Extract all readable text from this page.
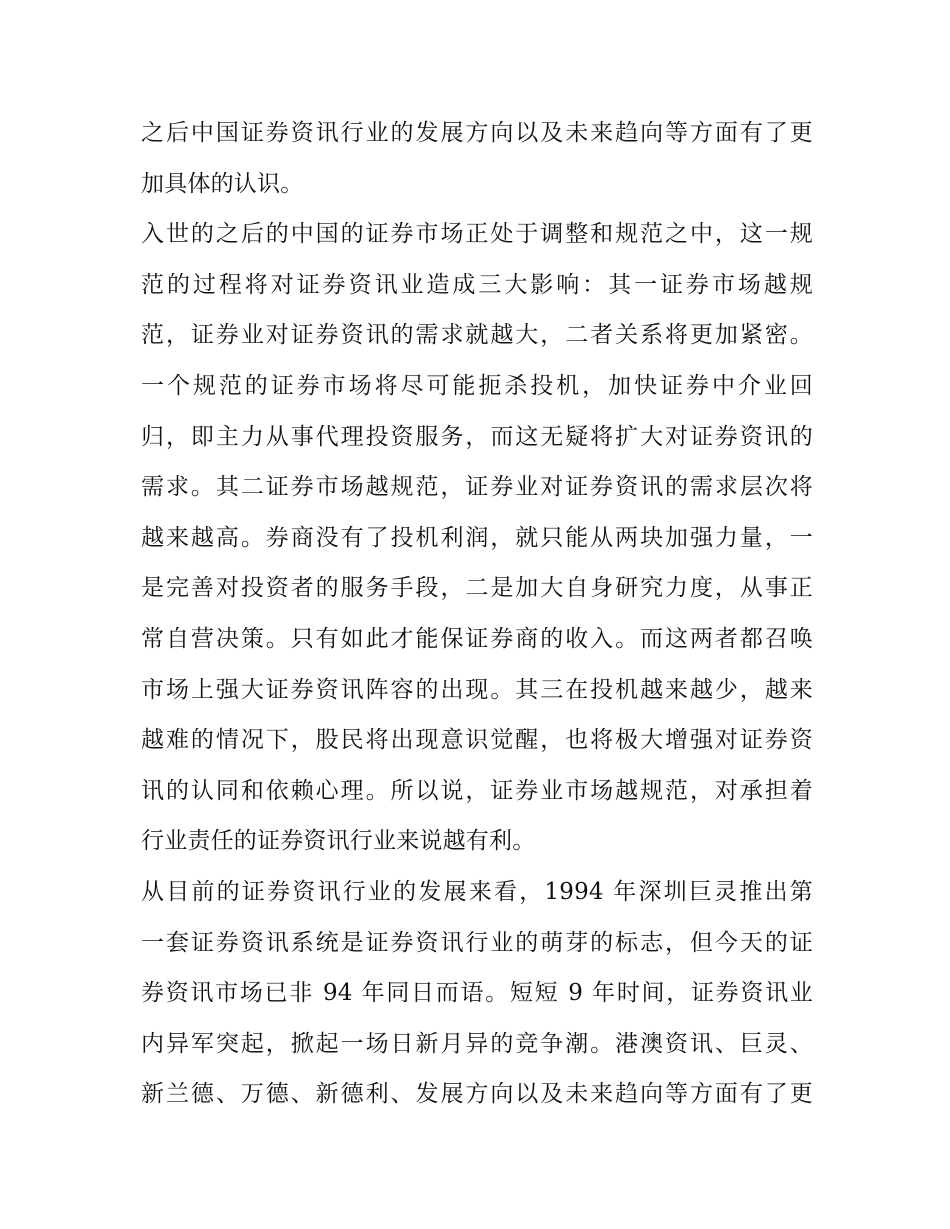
之后中国证券资讯行业的发展方向以及未来趋向等方面有了更
加具体的认识。
入世的之后的中国的证券市场正处于调整和规范之中，这一规
范的过程将对证券资讯业造成三大影响：其一证券市场越规
范，证券业对证券资讯的需求就越大，二者关系将更加紧密。
一个规范的证券市场将尽可能扼杀投机，加快证券中介业回
归，即主力从事代理投资服务，而这无疑将扩大对证券资讯的
需求。其二证券市场越规范，证券业对证券资讯的需求层次将
越来越高。券商没有了投机利润，就只能从两块加强力量，一
是完善对投资者的服务手段，二是加大自身研究力度，从事正
常自营决策。只有如此才能保证券商的收入。而这两者都召唤
市场上强大证券资讯阵容的出现。其三在投机越来越少，越来
越难的情况下，股民将出现意识觉醒，也将极大增强对证券资
讯的认同和依赖心理。所以说，证券业市场越规范，对承担着
行业责任的证券资讯行业来说越有利。
从目前的证券资讯行业的发展来看，1994 年深圳巨灵推出第
一套证券资讯系统是证券资讯行业的萌芽的标志，但今天的证
券资讯市场已非 94 年同日而语。短短 9 年时间，证券资讯业
内异军突起，掀起一场日新月异的竞争潮。港澳资讯、巨灵、
新兰德、万德、新德利、发展方向以及未来趋向等方面有了更
